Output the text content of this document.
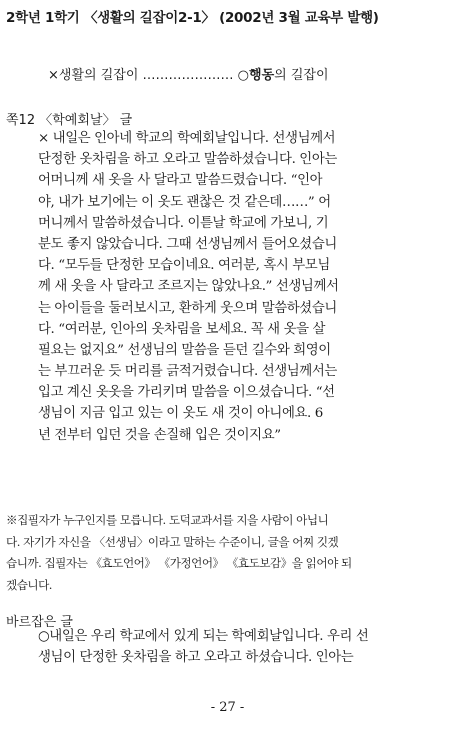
2학년 1학기 〈생활의 길잡이2-1〉 (2002년 3월 교육부 발행)
×생활의 길잡이 ………………… ○행동의 길잡이
쪽12 〈학예회날〉 글
× 내일은 인아네 학교의 학예회날입니다. 선생님께서
단정한 옷차림을 하고 오라고 말씀하셨습니다. 인아는
어머니께 새 옷을 사 달라고 말씀드렸습니다. “인아
야, 내가 보기에는 이 옷도 괜찮은 것 같은데……” 어
머니께서 말씀하셨습니다. 이튿날 학교에 가보니, 기
분도 좋지 않았습니다. 그때 선생님께서 들어오셨습니
다. “모두들 단정한 모습이네요. 여러분, 혹시 부모님
께 새 옷을 사 달라고 조르지는 않았나요.” 선생님께서
는 아이들을 둘러보시고, 환하게 웃으며 말씀하셨습니
다. “여러분, 인아의 옷차림을 보세요. 꼭 새 옷을 살
필요는 없지요” 선생님의 말씀을 듣던 길수와 희영이
는 부끄러운 듯 머리를 긁적거렸습니다. 선생님께서는
입고 계신 옷옷을 가리키며 말씀을 이으셨습니다. “선
생님이 지금 입고 있는 이 옷도 새 것이 아니에요. 6
년 전부터 입던 것을 손질해 입은 것이지요”
※집필자가 누구인지를 모릅니다. 도덕교과서를 지을 사람이 아닙니
다. 자기가 자신을 〈선생님〉이라고 말하는 수준이니, 글을 어찌 깃겠
습니까. 집필자는 《효도언어》 《가정언어》 《효도보감》을 읽어야 되
겠습니다.
바르잡은 글
○내일은 우리 학교에서 있게 되는 학예회날입니다. 우리 선
생님이 단정한 옷차림을 하고 오라고 하셨습니다. 인아는
- 27 -
